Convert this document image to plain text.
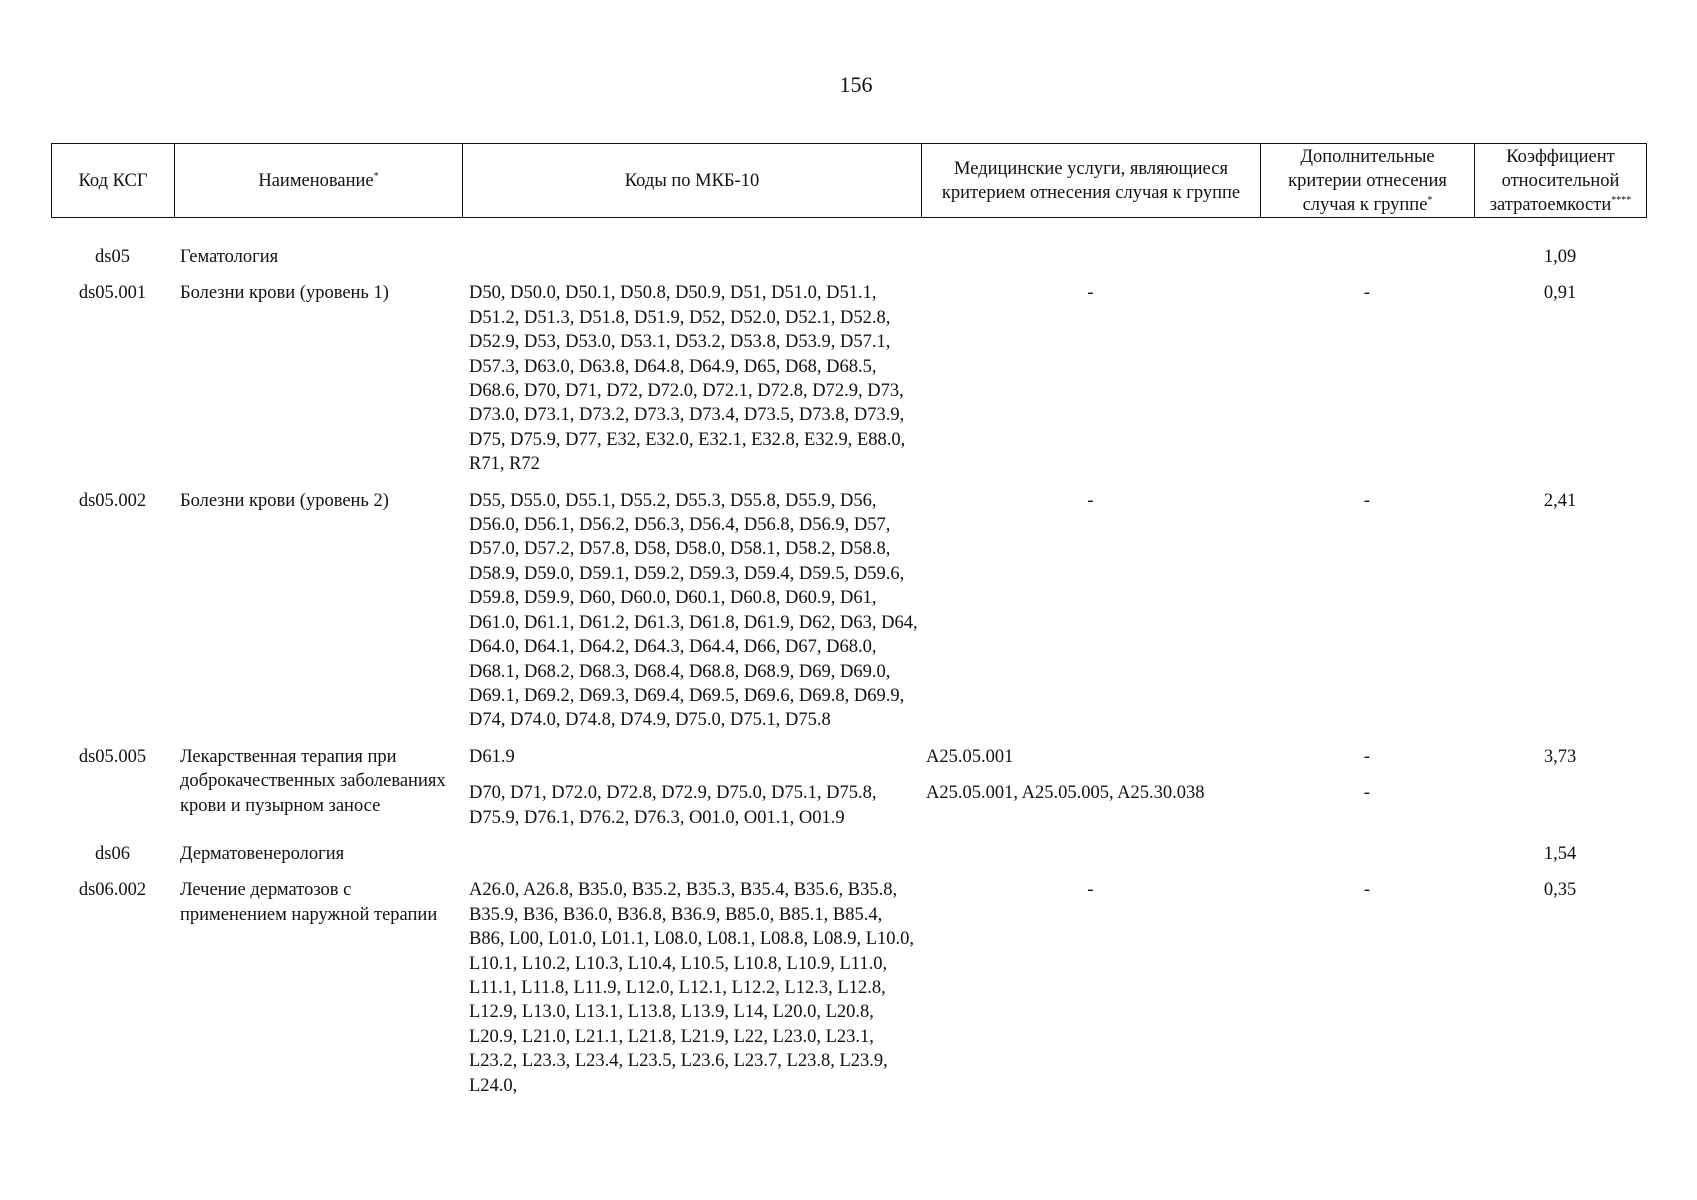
156
Код КСГ	Наименование*	Коды по МКБ-10	Медицинские услуги, являющиеся критерием отнесения случая к группе	Дополнительные критерии отнесения случая к группе*	Коэффициент относительной затратоемкости****
ds05	Гематология				1,09

ds05.001	Болезни крови (уровень 1)	D50, D50.0, D50.1, D50.8, D50.9, D51, D51.0, D51.1, D51.2, D51.3, D51.8, D51.9, D52, D52.0, D52.1, D52.8, D52.9, D53, D53.0, D53.1, D53.2, D53.8, D53.9, D57.1, D57.3, D63.0, D63.8, D64.8, D64.9, D65, D68, D68.5, D68.6, D70, D71, D72, D72.0, D72.1, D72.8, D72.9, D73, D73.0, D73.1, D73.2, D73.3, D73.4, D73.5, D73.8, D73.9, D75, D75.9, D77, E32, E32.0, E32.1, E32.8, E32.9, E88.0, R71, R72	-	-	0,91

ds05.002	Болезни крови (уровень 2)	D55, D55.0, D55.1, D55.2, D55.3, D55.8, D55.9, D56, D56.0, D56.1, D56.2, D56.3, D56.4, D56.8, D56.9, D57, D57.0, D57.2, D57.8, D58, D58.0, D58.1, D58.2, D58.8, D58.9, D59.0, D59.1, D59.2, D59.3, D59.4, D59.5, D59.6, D59.8, D59.9, D60, D60.0, D60.1, D60.8, D60.9, D61, D61.0, D61.1, D61.2, D61.3, D61.8, D61.9, D62, D63, D64, D64.0, D64.1, D64.2, D64.3, D64.4, D66, D67, D68.0, D68.1, D68.2, D68.3, D68.4, D68.8, D68.9, D69, D69.0, D69.1, D69.2, D69.3, D69.4, D69.5, D69.6, D69.8, D69.9, D74, D74.0, D74.8, D74.9, D75.0, D75.1, D75.8	-	-	2,41

ds05.005	Лекарственная терапия при доброкачественных заболеваниях крови и пузырном заносе	D61.9	A25.05.001	-	3,73

		D70, D71, D72.0, D72.8, D72.9, D75.0, D75.1, D75.8, D75.9, D76.1, D76.2, D76.3, O01.0, O01.1, O01.9	A25.05.001, A25.05.005, A25.30.038	-	

ds06	Дерматовенерология				1,54

ds06.002	Лечение дерматозов с применением наружной терапии	A26.0, A26.8, B35.0, B35.2, B35.3, B35.4, B35.6, B35.8, B35.9, B36, B36.0, B36.8, B36.9, B85.0, B85.1, B85.4, B86, L00, L01.0, L01.1, L08.0, L08.1, L08.8, L08.9, L10.0, L10.1, L10.2, L10.3, L10.4, L10.5, L10.8, L10.9, L11.0, L11.1, L11.8, L11.9, L12.0, L12.1, L12.2, L12.3, L12.8, L12.9, L13.0, L13.1, L13.8, L13.9, L14, L20.0, L20.8, L20.9, L21.0, L21.1, L21.8, L21.9, L22, L23.0, L23.1, L23.2, L23.3, L23.4, L23.5, L23.6, L23.7, L23.8, L23.9, L24.0,	-	-	0,35
